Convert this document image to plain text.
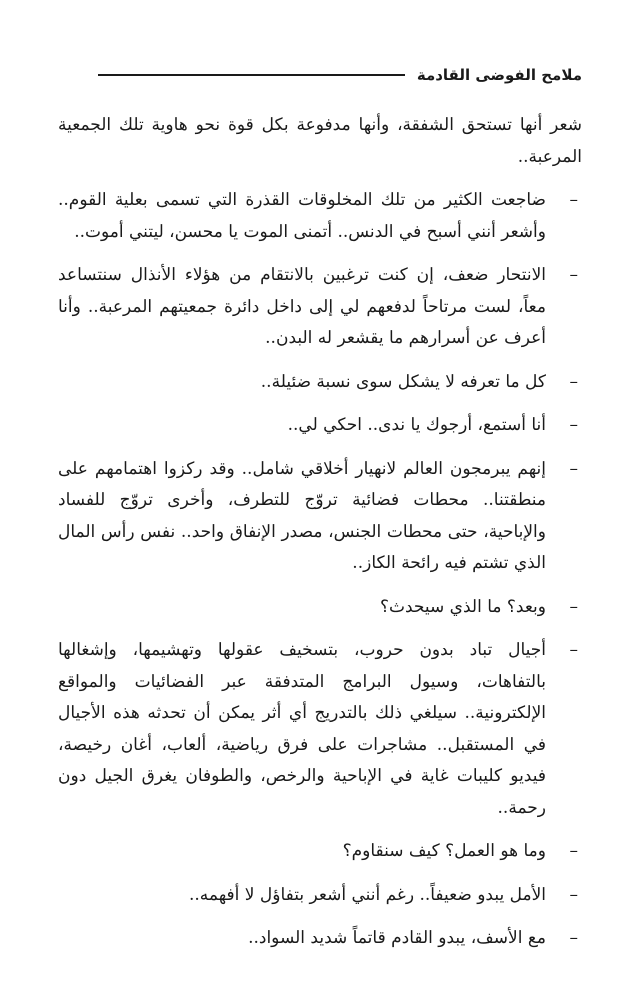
ملامح الفوضى القادمة

شعر أنها تستحق الشفقة، وأنها مدفوعة بكل قوة نحو هاوية تلك الجمعية المرعبة..

–
ضاجعت الكثير من تلك المخلوقات القذرة التي تسمى بعلية القوم.. وأشعر أنني أسبح في الدنس.. أتمنى الموت يا محسن، ليتني أموت..
–
الانتحار ضعف، إن كنت ترغبين بالانتقام من هؤلاء الأنذال سنتساعد معاً، لست مرتاحاً لدفعهم لي إلى داخل دائرة جمعيتهم المرعبة.. وأنا أعرف عن أسرارهم ما يقشعر له البدن..
–
كل ما تعرفه لا يشكل سوى نسبة ضئيلة..
–
أنا أستمع، أرجوك يا ندى.. احكي لي..
–
إنهم يبرمجون العالم لانهيار أخلاقي شامل.. وقد ركزوا اهتمامهم على منطقتنا.. محطات فضائية تروّج للتطرف، وأخرى تروّج للفساد والإباحية، حتى محطات الجنس، مصدر الإنفاق واحد.. نفس رأس المال الذي تشتم فيه رائحة الكاز..
–
وبعد؟ ما الذي سيحدث؟
–
أجيال تباد بدون حروب، بتسخيف عقولها وتهشيمها، وإشغالها بالتفاهات، وسيول البرامج المتدفقة عبر الفضائيات والمواقع الإلكترونية.. سيلغي ذلك بالتدريج أي أثر يمكن أن تحدثه هذه الأجيال في المستقبل.. مشاجرات على فرق رياضية، ألعاب، أغان رخيصة، فيديو كليبات غاية في الإباحية والرخص، والطوفان يغرق الجيل دون رحمة..
–
وما هو العمل؟ كيف سنقاوم؟
–
الأمل يبدو ضعيفاً.. رغم أنني أشعر بتفاؤل لا أفهمه..
–
مع الأسف، يبدو القادم قاتماً شديد السواد..
